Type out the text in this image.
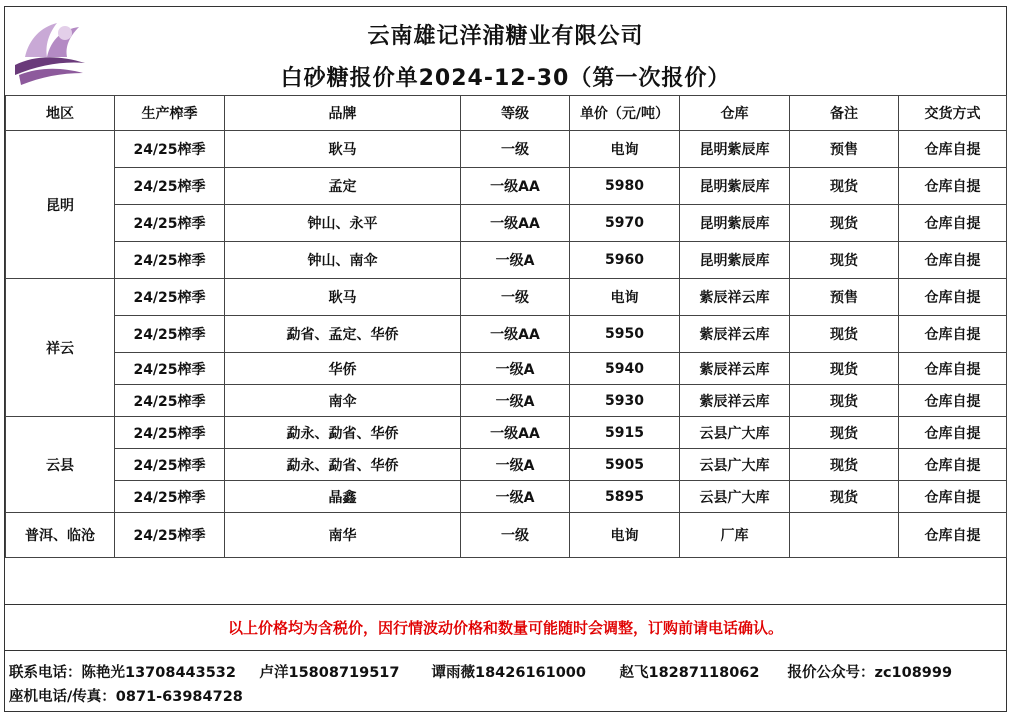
云南雄记洋浦糖业有限公司
白砂糖报价单2024-12-30（第一次报价）
地区	生产榨季	品牌	等级	单价（元/吨）	仓库	备注	交货方式
昆明	24/25榨季	耿马	一级	电询	昆明紫辰库	预售	仓库自提
	24/25榨季	孟定	一级AA	5980	昆明紫辰库	现货	仓库自提
	24/25榨季	钟山、永平	一级AA	5970	昆明紫辰库	现货	仓库自提
	24/25榨季	钟山、南伞	一级A	5960	昆明紫辰库	现货	仓库自提
祥云	24/25榨季	耿马	一级	电询	紫辰祥云库	预售	仓库自提
	24/25榨季	勐省、孟定、华侨	一级AA	5950	紫辰祥云库	现货	仓库自提
	24/25榨季	华侨	一级A	5940	紫辰祥云库	现货	仓库自提
	24/25榨季	南伞	一级A	5930	紫辰祥云库	现货	仓库自提
云县	24/25榨季	勐永、勐省、华侨	一级AA	5915	云县广大库	现货	仓库自提
	24/25榨季	勐永、勐省、华侨	一级A	5905	云县广大库	现货	仓库自提
	24/25榨季	晶鑫	一级A	5895	云县广大库	现货	仓库自提
普洱、临沧	24/25榨季	南华	一级	电询	厂库		仓库自提
以上价格均为含税价，因行情波动价格和数量可能随时会调整，订购前请电话确认。
联系电话：陈艳光13708443532 卢洋15808719517 谭雨薇18426161000 赵飞18287118062 报价公众号：zc108999
座机电话/传真：0871-63984728
